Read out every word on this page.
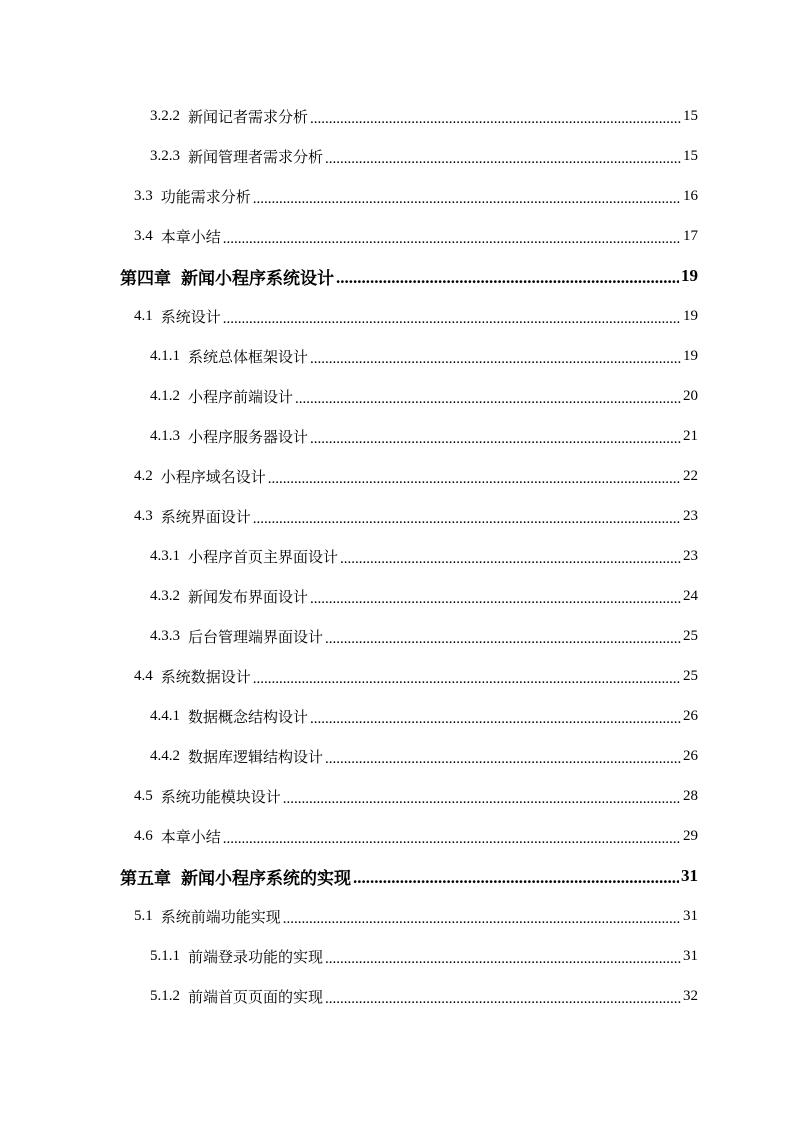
3.2.2 新闻记者需求分析 .....	15
3.2.3 新闻管理者需求分析 .....	15
3.3 功能需求分析 .....	16
3.4 本章小结 .....	17
第四章 新闻小程序系统设计 .....	19
4.1 系统设计 .....	19
4.1.1 系统总体框架设计 .....	19
4.1.2 小程序前端设计 .....	20
4.1.3 小程序服务器设计 .....	21
4.2 小程序域名设计 .....	22
4.3 系统界面设计 .....	23
4.3.1 小程序首页主界面设计 .....	23
4.3.2 新闻发布界面设计 .....	24
4.3.3 后台管理端界面设计 .....	25
4.4 系统数据设计 .....	25
4.4.1 数据概念结构设计 .....	26
4.4.2 数据库逻辑结构设计 .....	26
4.5 系统功能模块设计 .....	28
4.6 本章小结 .....	29
第五章 新闻小程序系统的实现 .....	31
5.1 系统前端功能实现 .....	31
5.1.1 前端登录功能的实现 .....	31
5.1.2 前端首页页面的实现 .....	32
